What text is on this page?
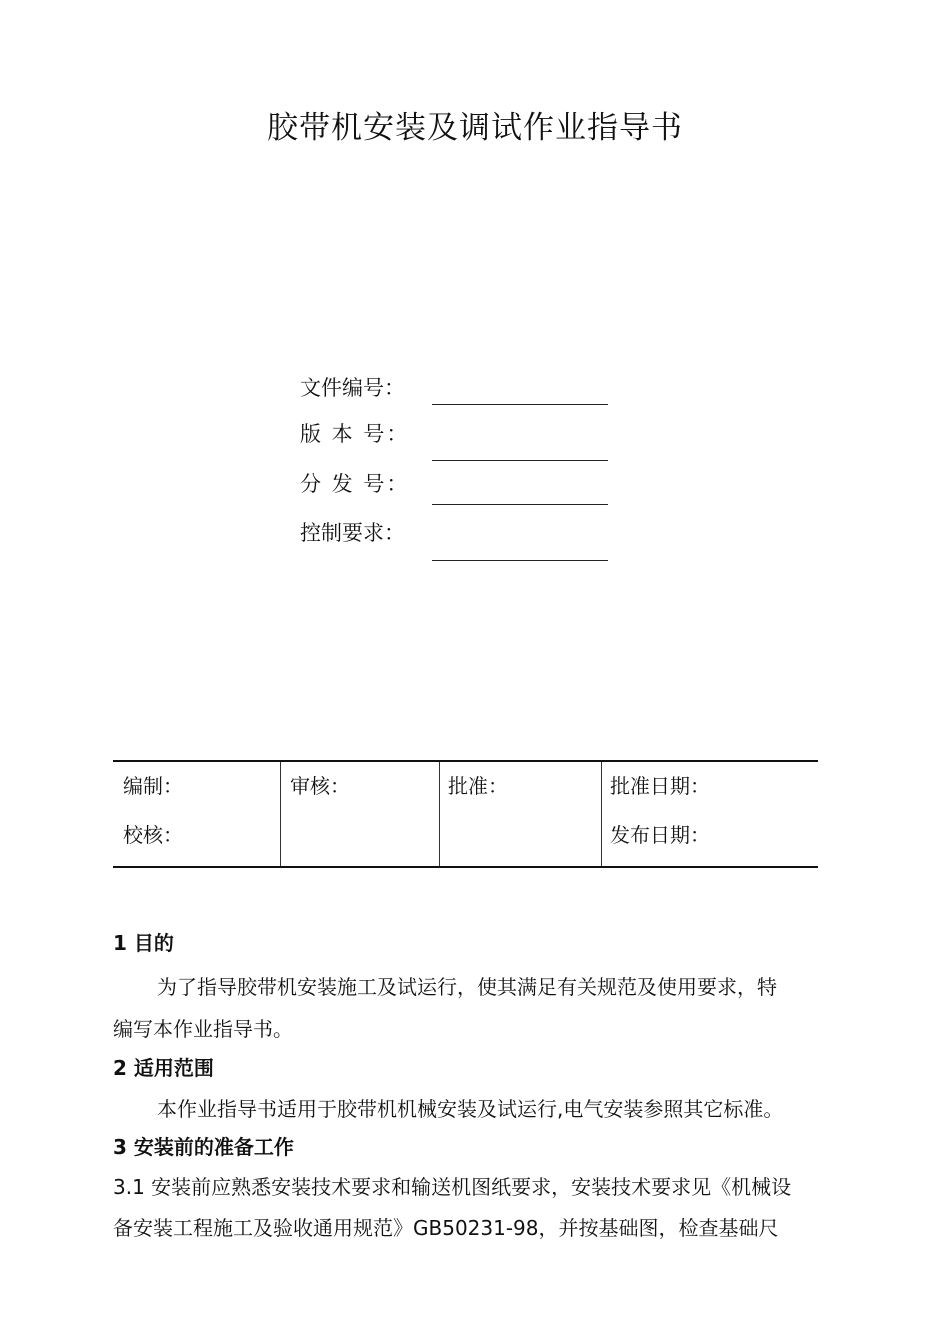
胶带机安装及调试作业指导书
文件编号：
版 本 号：
分 发 号：
控制要求：
编制：
校核：
审核：	批准：	批准日期：
发布日期：
1 目的
为了指导胶带机安装施工及试运行，使其满足有关规范及使用要求，特
编写本作业指导书。
2 适用范围
本作业指导书适用于胶带机机械安装及试运行,电气安装参照其它标准。
3 安装前的准备工作
3.1 安装前应熟悉安装技术要求和输送机图纸要求，安装技术要求见《机械设
备安装工程施工及验收通用规范》GB50231-98，并按基础图，检查基础尺
